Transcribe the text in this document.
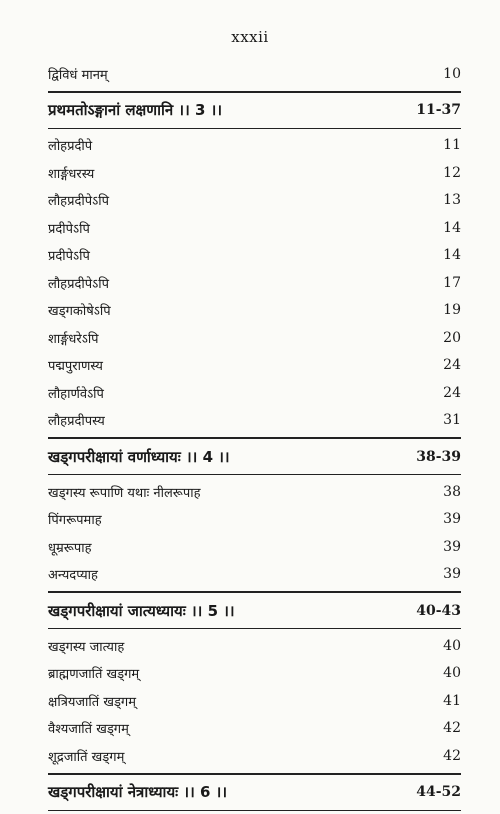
xxxii
द्विविधं मानम्	10
प्रथमतोऽङ्गानां लक्षणानि ।। 3 ।।	11-37
लोहप्रदीपे	11
शार्ङ्गधरस्य	12
लौहप्रदीपेऽपि	13
प्रदीपेऽपि	14
प्रदीपेऽपि	14
लौहप्रदीपेऽपि	17
खड्गकोषेऽपि	19
शार्ङ्गधरेऽपि	20
पद्मपुराणस्य	24
लौहार्णवेऽपि	24
लौहप्रदीपस्य	31
खड्गपरीक्षायां वर्णाध्यायः ।। 4 ।।	38-39
खड्गस्य रूपाणि यथाः नीलरूपाह	38
पिंगरूपमाह	39
धूम्ररूपाह	39
अन्यदप्याह	39
खड्गपरीक्षायां जात्यध्यायः ।। 5 ।।	40-43
खड्गस्य जात्याह	40
ब्राह्मणजातिं खड्गम्	40
क्षत्रियजातिं खड्गम्	41
वैश्यजातिं खड्गम्	42
शूद्रजातिं खड्गम्	42
खड्गपरीक्षायां नेत्राध्यायः ।। 6 ।।	44-52
